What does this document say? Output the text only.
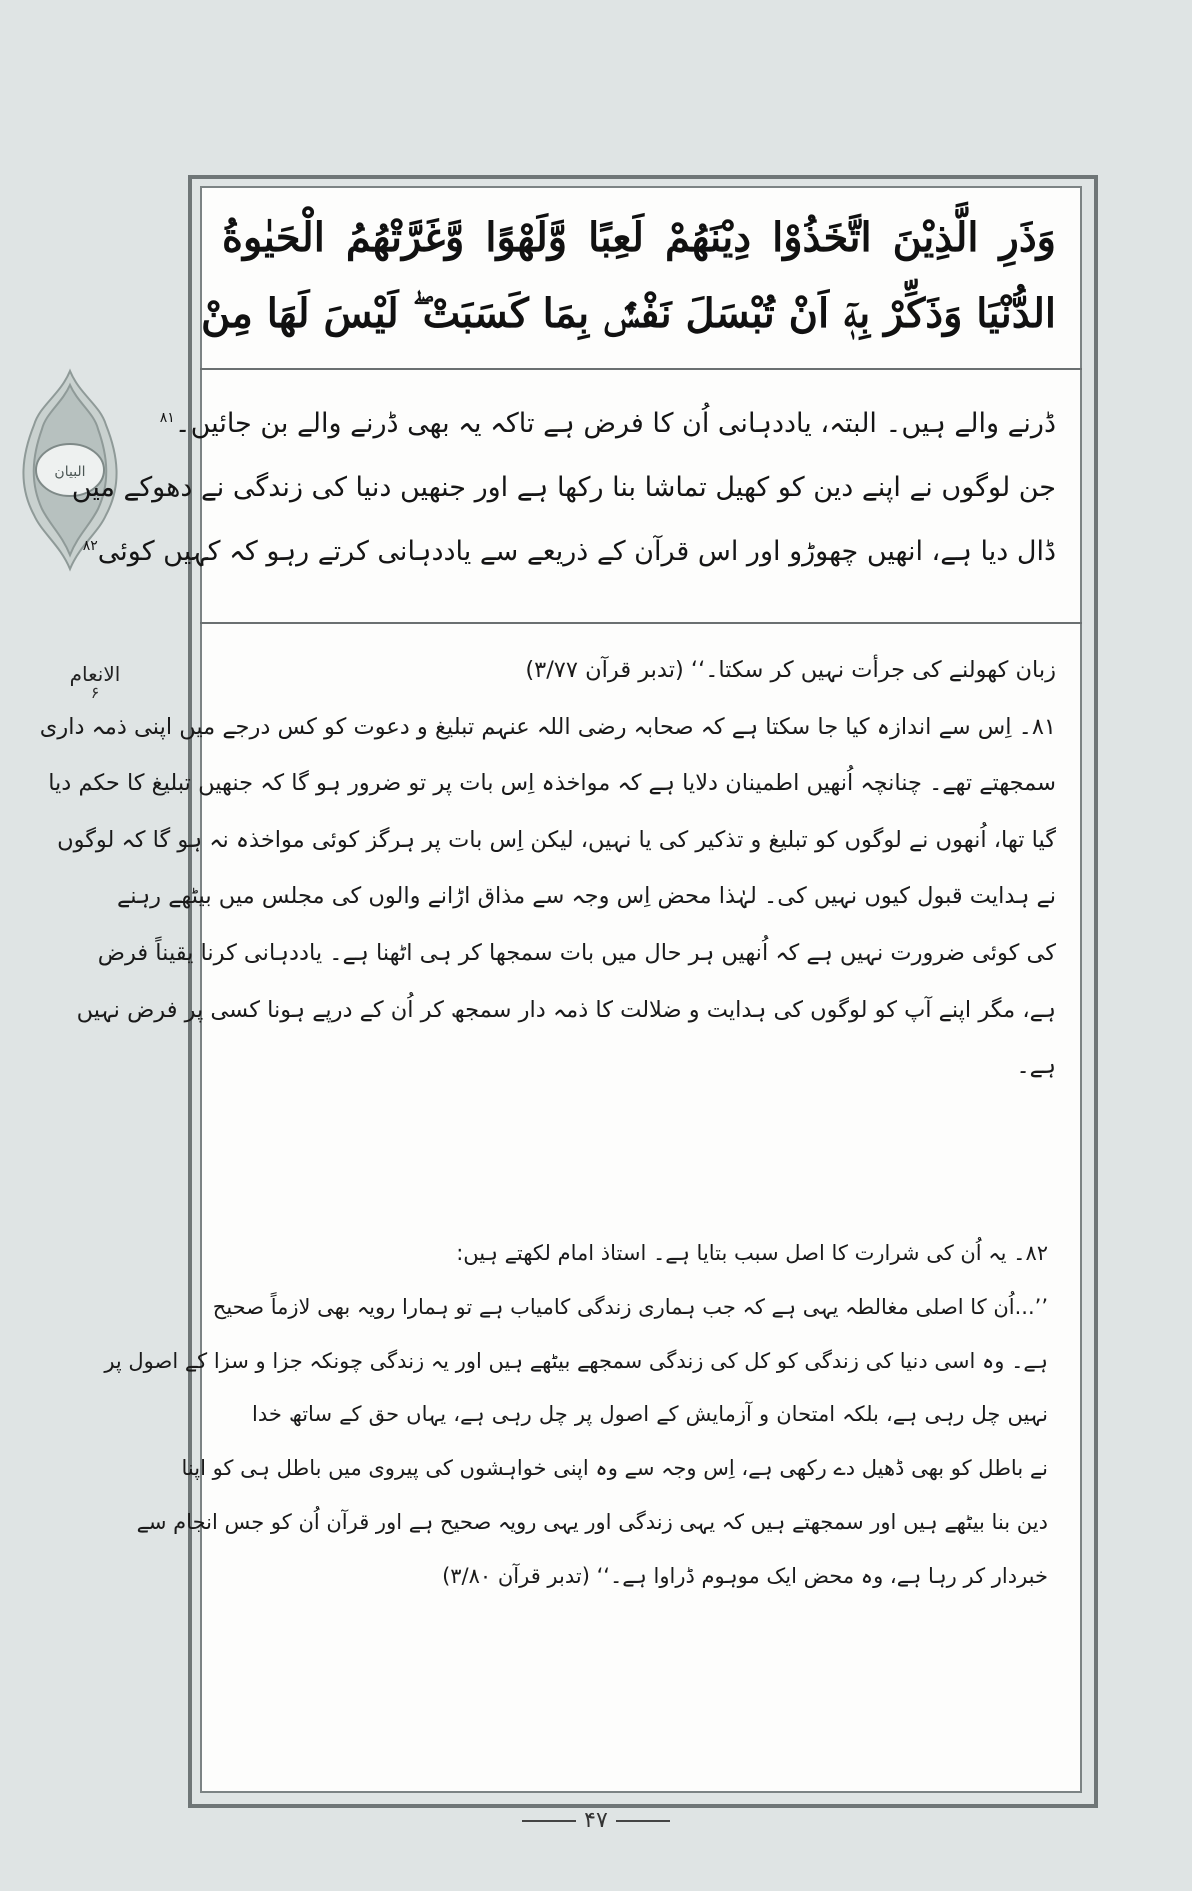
البیان
الانعام
۶
وَذَرِ الَّذِيْنَ اتَّخَذُوْا دِيْنَهُمْ لَعِبًا وَّلَهْوًا وَّغَرَّتْهُمُ الْحَيٰوةُ
الدُّنْيَا وَذَكِّرْ بِهٖٓ اَنْ تُبْسَلَ نَفْسٌۢ بِمَا كَسَبَتْ ۖ لَيْسَ لَهَا مِنْ
ڈرنے والے ہیں۔ البتہ، یاددہانی اُن کا فرض ہے تاکہ یہ بھی ڈرنے والے بن جائیں۔$^{۸۱}$
جن لوگوں نے اپنے دین کو کھیل تماشا بنا رکھا ہے اور جنھیں دنیا کی زندگی نے دھوکے میں
ڈال دیا ہے، انھیں چھوڑو اور اس قرآن کے ذریعے سے یاددہانی کرتے رہو کہ کہیں کوئی$^{۸۲}$
زبان کھولنے کی جرأت نہیں کر سکتا۔‘‘ (تدبر قرآن ۳/۷۷)
۸۱۔ اِس سے اندازہ کیا جا سکتا ہے کہ صحابہ رضی اللہ عنہم تبلیغ و دعوت کو کس درجے میں اپنی ذمہ داری
سمجھتے تھے۔ چنانچہ اُنھیں اطمینان دلایا ہے کہ مواخذہ اِس بات پر تو ضرور ہو گا کہ جنھیں تبلیغ کا حکم دیا
گیا تھا، اُنھوں نے لوگوں کو تبلیغ و تذکیر کی یا نہیں، لیکن اِس بات پر ہرگز کوئی مواخذہ نہ ہو گا کہ لوگوں
نے ہدایت قبول کیوں نہیں کی۔ لہٰذا محض اِس وجہ سے مذاق اڑانے والوں کی مجلس میں بیٹھے رہنے
کی کوئی ضرورت نہیں ہے کہ اُنھیں ہر حال میں بات سمجھا کر ہی اٹھنا ہے۔ یاددہانی کرنا یقیناً فرض
ہے، مگر اپنے آپ کو لوگوں کی ہدایت و ضلالت کا ذمہ دار سمجھ کر اُن کے درپے ہونا کسی پر فرض نہیں
ہے۔
۸۲۔ یہ اُن کی شرارت کا اصل سبب بتایا ہے۔ استاذ امام لکھتے ہیں:
’’...اُن کا اصلی مغالطہ یہی ہے کہ جب ہماری زندگی کامیاب ہے تو ہمارا رویہ بھی لازماً صحیح
ہے۔ وہ اسی دنیا کی زندگی کو کل کی زندگی سمجھے بیٹھے ہیں اور یہ زندگی چونکہ جزا و سزا کے اصول پر
نہیں چل رہی ہے، بلکہ امتحان و آزمایش کے اصول پر چل رہی ہے، یہاں حق کے ساتھ خدا
نے باطل کو بھی ڈھیل دے رکھی ہے، اِس وجہ سے وہ اپنی خواہشوں کی پیروی میں باطل ہی کو اپنا
دین بنا بیٹھے ہیں اور سمجھتے ہیں کہ یہی زندگی اور یہی رویہ صحیح ہے اور قرآن اُن کو جس انجام سے
خبردار کر رہا ہے، وہ محض ایک موہوم ڈراوا ہے۔‘‘ (تدبر قرآن ۳/۸۰)
۴۷
